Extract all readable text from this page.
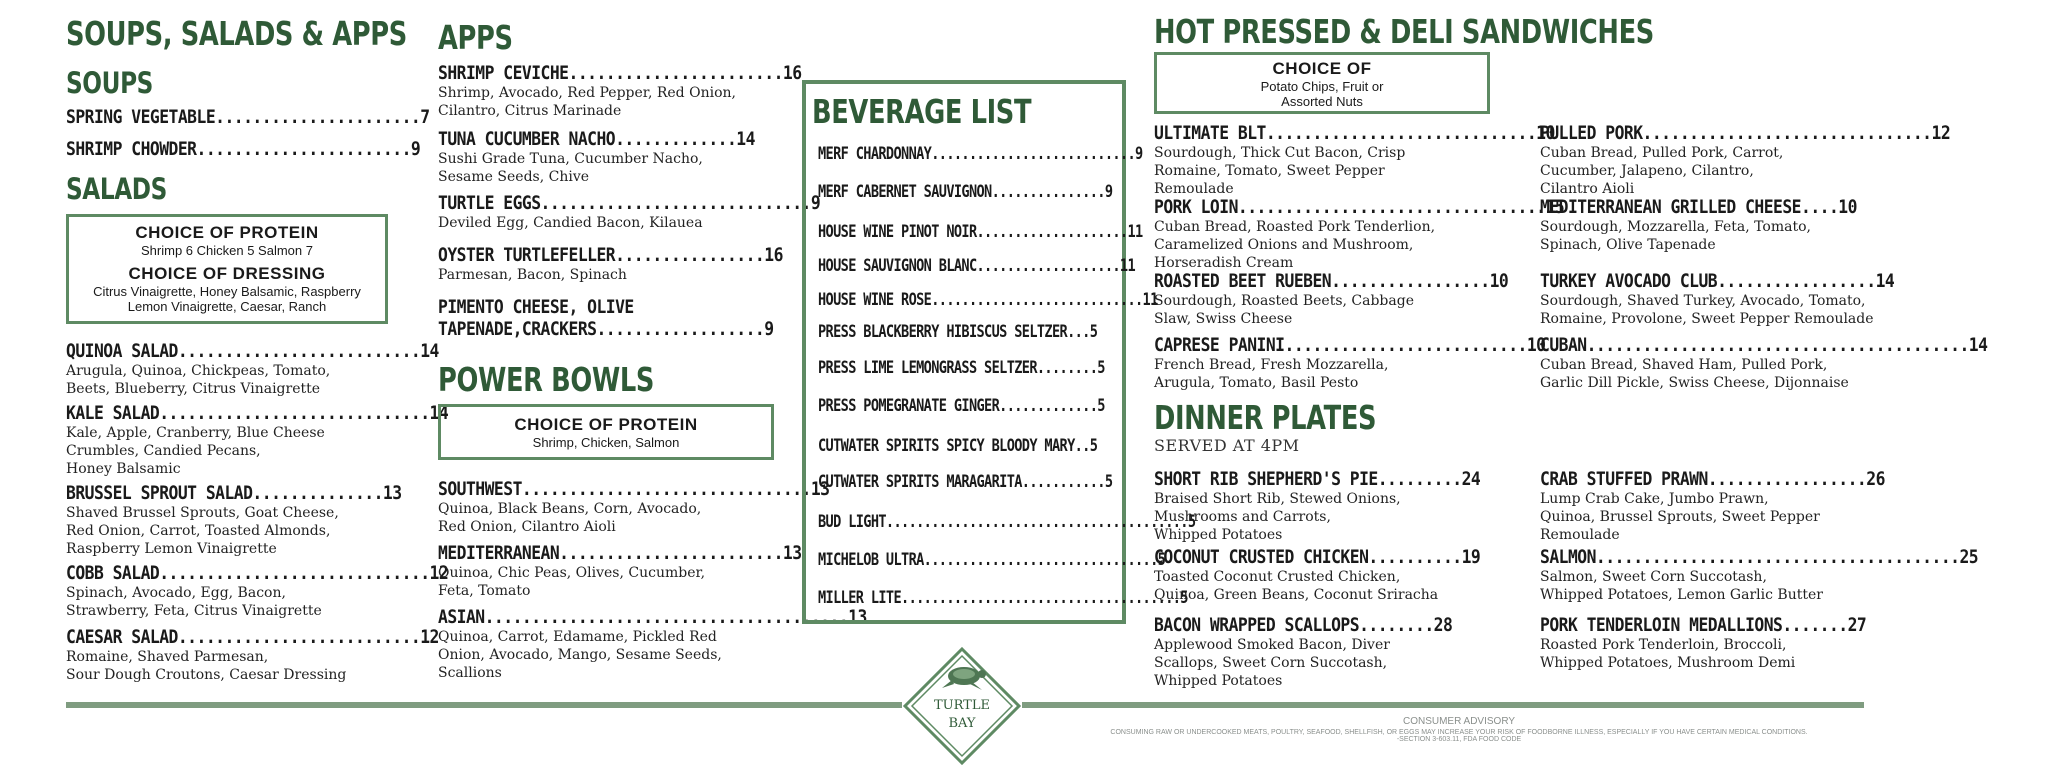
SOUPS, SALADS & APPS
SOUPS
SPRING VEGETABLE......................7
SHRIMP CHOWDER.......................9
SALADS
CHOICE OF PROTEIN
Shrimp 6 Chicken 5 Salmon 7
CHOICE OF DRESSING
Citrus Vinaigrette, Honey Balsamic, Raspberry
Lemon Vinaigrette, Caesar, Ranch
QUINOA SALAD..........................14
Arugula, Quinoa, Chickpeas, Tomato,
Beets, Blueberry, Citrus Vinaigrette
KALE SALAD.............................14
Kale, Apple, Cranberry, Blue Cheese
Crumbles, Candied Pecans,
Honey Balsamic
BRUSSEL SPROUT SALAD..............13
Shaved Brussel Sprouts, Goat Cheese,
Red Onion, Carrot, Toasted Almonds,
Raspberry Lemon Vinaigrette
COBB SALAD.............................12
Spinach, Avocado, Egg, Bacon,
Strawberry, Feta, Citrus Vinaigrette
CAESAR SALAD..........................12
Romaine, Shaved Parmesan,
Sour Dough Croutons, Caesar Dressing
APPS
SHRIMP CEVICHE.......................16
Shrimp, Avocado, Red Pepper, Red Onion,
Cilantro, Citrus Marinade
TUNA CUCUMBER NACHO.............14
Sushi Grade Tuna, Cucumber Nacho,
Sesame Seeds, Chive
TURTLE EGGS.............................9
Deviled Egg, Candied Bacon, Kilauea
OYSTER TURTLEFELLER................16
Parmesan, Bacon, Spinach
PIMENTO CHEESE, OLIVE
TAPENADE,CRACKERS..................9
POWER BOWLS
CHOICE OF PROTEIN
Shrimp, Chicken, Salmon
SOUTHWEST...............................13
Quinoa, Black Beans, Corn, Avocado,
Red Onion, Cilantro Aioli
MEDITERRANEAN........................13
Quinoa, Chic Peas, Olives, Cucumber,
Feta, Tomato
ASIAN.......................................13
Quinoa, Carrot, Edamame, Pickled Red
Onion, Avocado, Mango, Sesame Seeds,
Scallions
BEVERAGE LIST
MERF CHARDONNAY...........................9
MERF CABERNET SAUVIGNON...............9
HOUSE WINE PINOT NOIR....................11
HOUSE SAUVIGNON BLANC...................11
HOUSE WINE ROSE............................11
PRESS BLACKBERRY HIBISCUS SELTZER...5
PRESS LIME LEMONGRASS SELTZER........5
PRESS POMEGRANATE GINGER.............5
CUTWATER SPIRITS SPICY BLOODY MARY..5
CUTWATER SPIRITS MARAGARITA...........5
BUD LIGHT........................................5
MICHELOB ULTRA...............................5
MILLER LITE.....................................5
HOT PRESSED & DELI SANDWICHES
CHOICE OF
Potato Chips, Fruit or
Assorted Nuts
ULTIMATE BLT.............................10
Sourdough, Thick Cut Bacon, Crisp
Romaine, Tomato, Sweet Pepper
Remoulade
PORK LOIN.................................15
Cuban Bread, Roasted Pork Tenderlion,
Caramelized Onions and Mushroom,
Horseradish Cream
ROASTED BEET RUEBEN.................10
Sourdough, Roasted Beets, Cabbage
Slaw, Swiss Cheese
CAPRESE PANINI..........................10
French Bread, Fresh Mozzarella,
Arugula, Tomato, Basil Pesto
PULLED PORK...............................12
Cuban Bread, Pulled Pork, Carrot,
Cucumber, Jalapeno, Cilantro,
Cilantro Aioli
MEDITERRANEAN GRILLED CHEESE....10
Sourdough, Mozzarella, Feta, Tomato,
Spinach, Olive Tapenade
TURKEY AVOCADO CLUB.................14
Sourdough, Shaved Turkey, Avocado, Tomato,
Romaine, Provolone, Sweet Pepper Remoulade
CUBAN.........................................14
Cuban Bread, Shaved Ham, Pulled Pork,
Garlic Dill Pickle, Swiss Cheese, Dijonnaise
DINNER PLATES
SERVED AT 4PM
SHORT RIB SHEPHERD'S PIE.........24
Braised Short Rib, Stewed Onions,
Mushrooms and Carrots,
Whipped Potatoes
COCONUT CRUSTED CHICKEN..........19
Toasted Coconut Crusted Chicken,
Quinoa, Green Beans, Coconut Sriracha
BACON WRAPPED SCALLOPS........28
Applewood Smoked Bacon, Diver
Scallops, Sweet Corn Succotash,
Whipped Potatoes
CRAB STUFFED PRAWN.................26
Lump Crab Cake, Jumbo Prawn,
Quinoa, Brussel Sprouts, Sweet Pepper
Remoulade
SALMON.......................................25
Salmon, Sweet Corn Succotash,
Whipped Potatoes, Lemon Garlic Butter
PORK TENDERLOIN MEDALLIONS.......27
Roasted Pork Tenderloin, Broccoli,
Whipped Potatoes, Mushroom Demi
TURTLE
BAY	CONSUMER ADVISORY
CONSUMING RAW OR UNDERCOOKED MEATS, POULTRY, SEAFOOD, SHELLFISH, OR EGGS MAY INCREASE YOUR RISK OF FOODBORNE ILLNESS, ESPECIALLY IF YOU HAVE CERTAIN MEDICAL CONDITIONS.
-SECTION 3-603.11, FDA FOOD CODE
